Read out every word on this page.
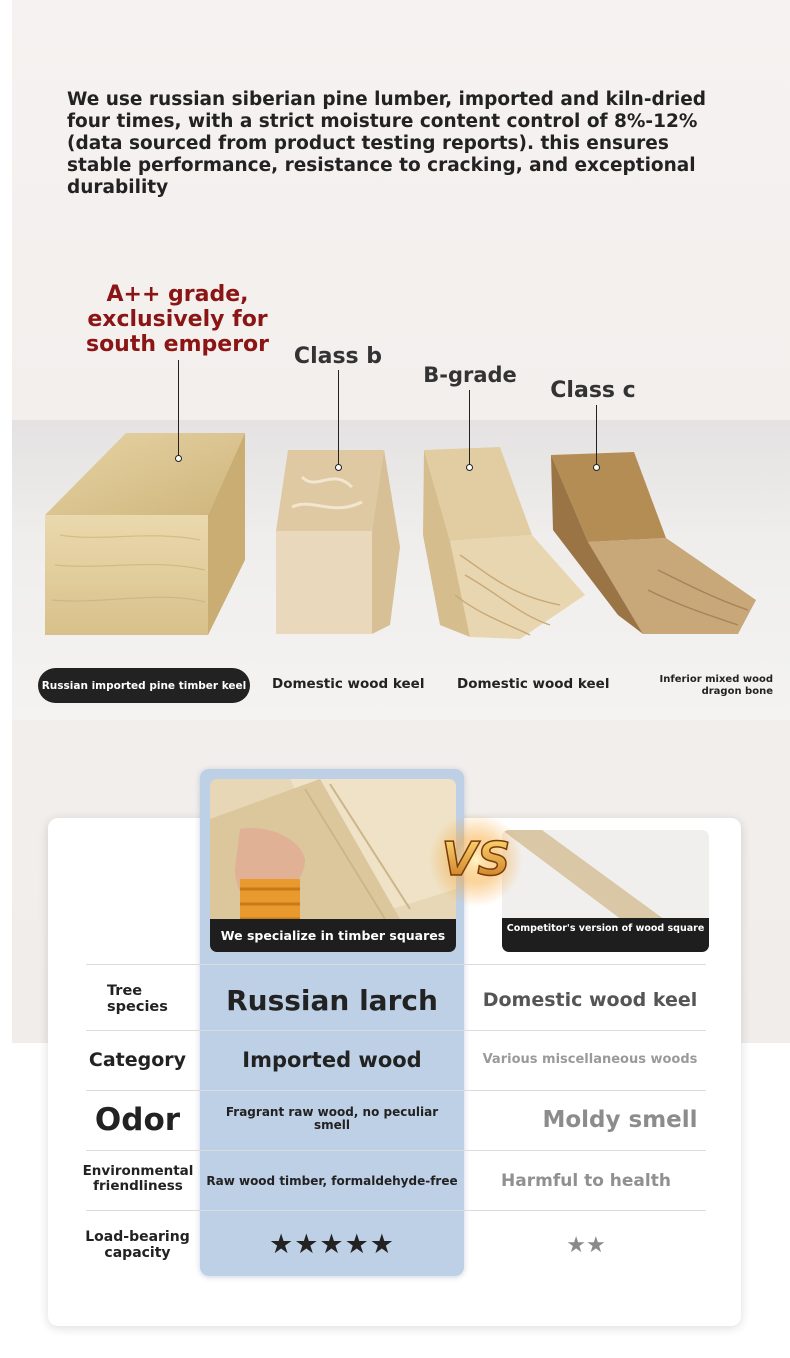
We use russian siberian pine lumber, imported and kiln-dried four times, with a strict moisture content control of 8%-12% (data sourced from product testing reports). this ensures stable performance, resistance to cracking, and exceptional durability
A++ grade, exclusively for south emperor	Class b
B-grade
Class c
Russian imported pine timber keel Domestic wood keel Domestic wood keel	Inferior mixed wood dragon bone
We specialize in timber squares	Competitor's version of wood square
VS
Tree species	Russian larch	Domestic wood keel
Category	Imported wood	Various miscellaneous woods
Odor	Fragrant raw wood, no peculiar smell	Moldy smell
Environmental friendliness	Raw wood timber, formaldehyde-free	Harmful to health
Load-bearing capacity	★★★★★	★★
